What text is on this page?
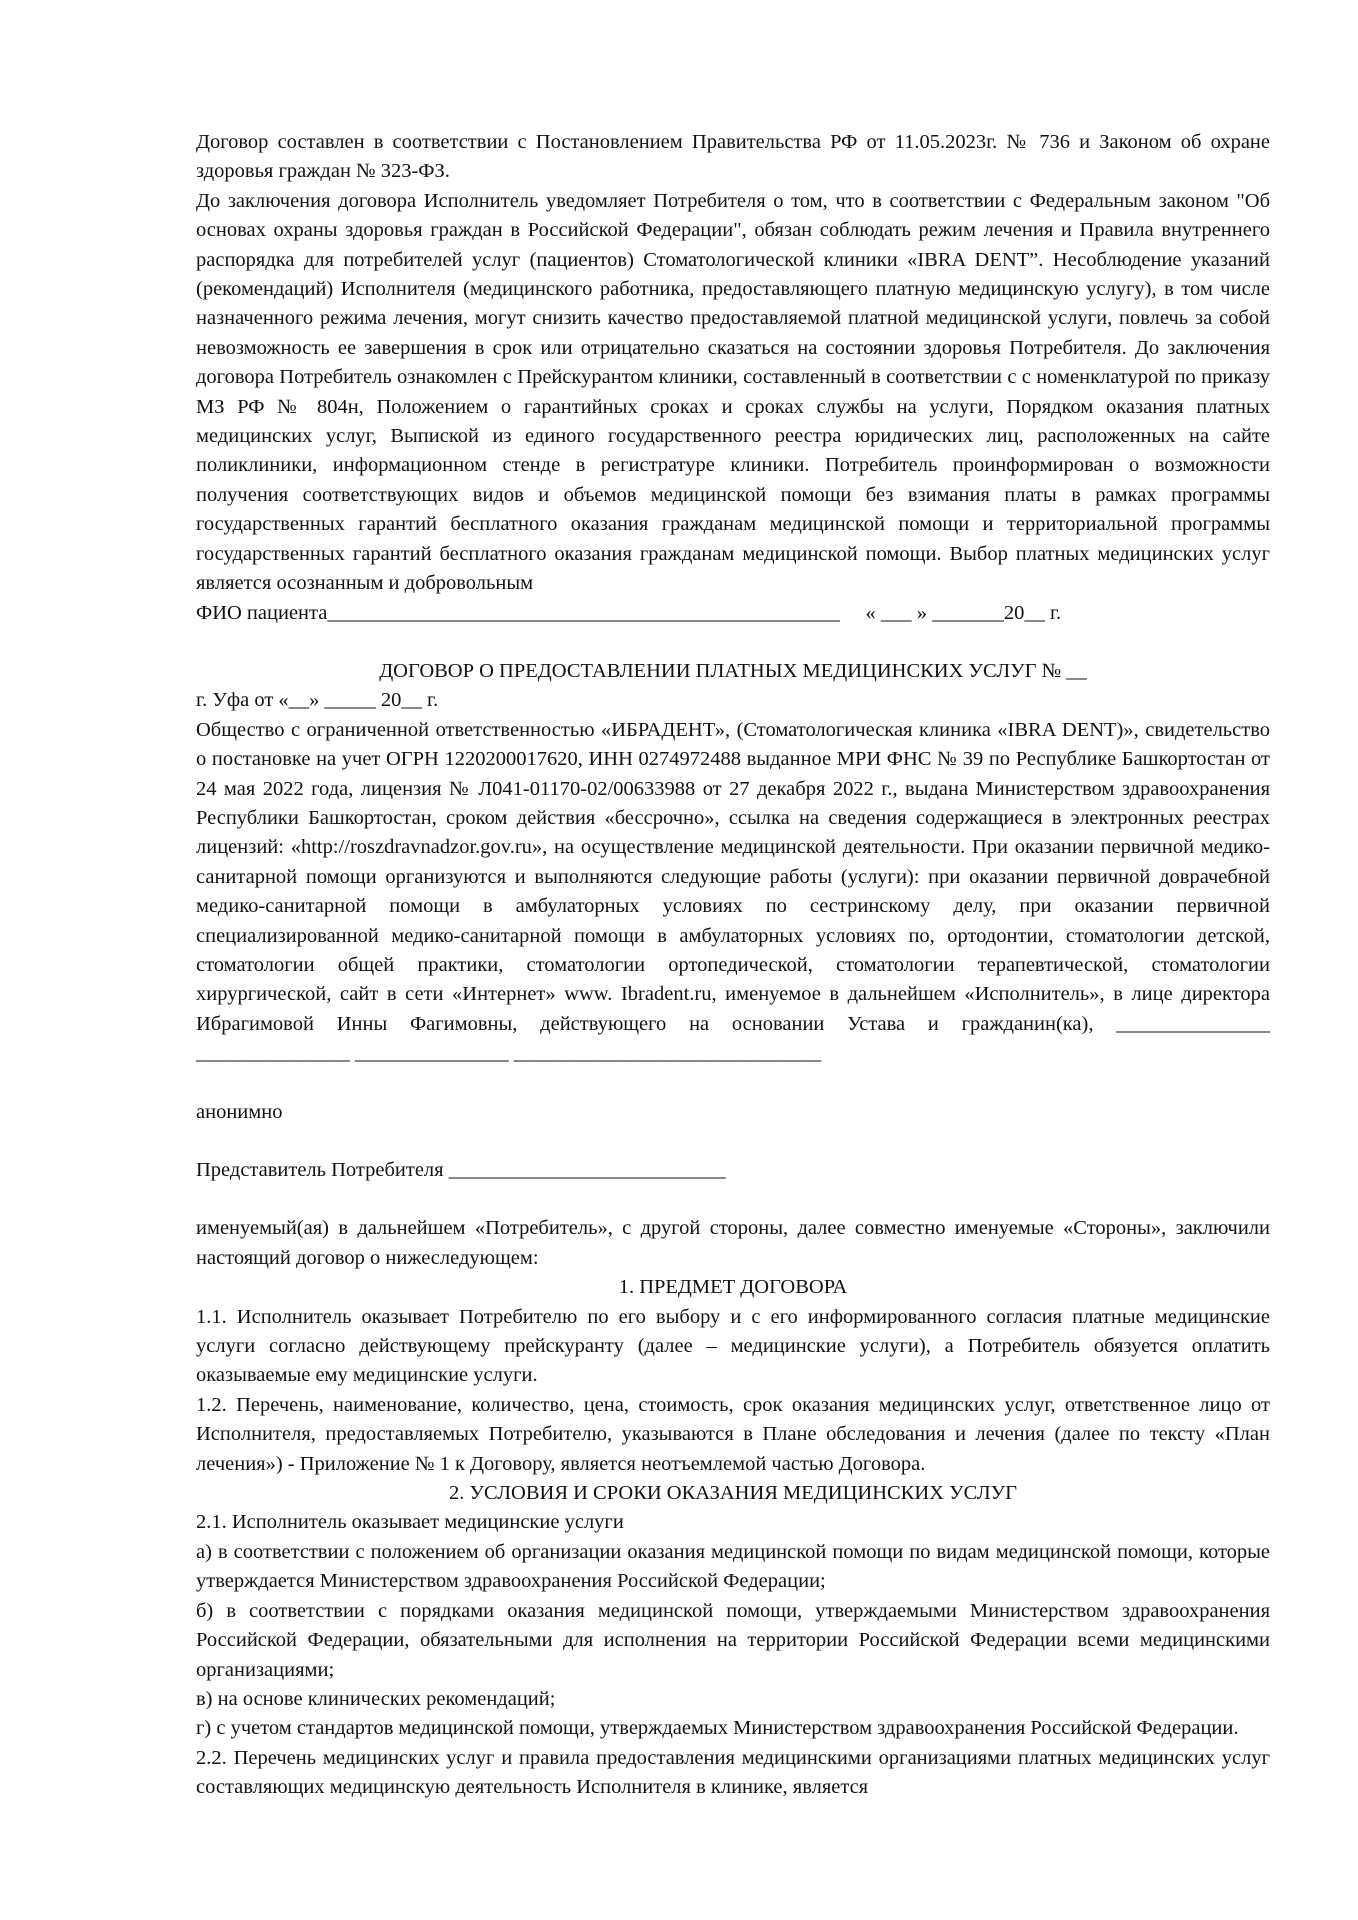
Договор составлен в соответствии с Постановлением Правительства РФ от 11.05.2023г. № 736 и Законом об охране здоровья граждан № 323-ФЗ.

До заключения договора Исполнитель уведомляет Потребителя о том, что в соответствии с Федеральным законом "Об основах охраны здоровья граждан в Российской Федерации", обязан соблюдать режим лечения и Правила внутреннего распорядка для потребителей услуг (пациентов) Стоматологической клиники «IBRA DENT”. Несоблюдение указаний (рекомендаций) Исполнителя (медицинского работника, предоставляющего платную медицинскую услугу), в том числе назначенного режима лечения, могут снизить качество предоставляемой платной медицинской услуги, повлечь за собой невозможность ее завершения в срок или отрицательно сказаться на состоянии здоровья Потребителя. До заключения договора Потребитель ознакомлен с Прейскурантом клиники, составленный в соответствии с с номенклатурой по приказу МЗ РФ № 804н, Положением о гарантийных сроках и сроках службы на услуги, Порядком оказания платных медицинских услуг, Выпиской из единого государственного реестра юридических лиц, расположенных на сайте поликлиники, информационном стенде в регистратуре клиники. Потребитель проинформирован о возможности получения соответствующих видов и объемов медицинской помощи без взимания платы в рамках программы государственных гарантий бесплатного оказания гражданам медицинской помощи и территориальной программы государственных гарантий бесплатного оказания гражданам медицинской помощи. Выбор платных медицинских услуг является осознанным и добровольным

ФИО пациента__________________________________________________     « ___ » _______20__ г.

ДОГОВОР О ПРЕДОСТАВЛЕНИИ ПЛАТНЫХ МЕДИЦИНСКИХ УСЛУГ № __

г. Уфа от «__» _____ 20__ г.

Общество с ограниченной ответственностью «ИБРАДЕНТ», (Стоматологическая клиника «IBRA DENT)», свидетельство о постановке на учет ОГРН 1220200017620, ИНН 0274972488 выданное МРИ ФНС № 39 по Республике Башкортостан от 24 мая 2022 года, лицензия № Л041-01170-02/00633988 от 27 декабря 2022 г., выдана Министерством здравоохранения Республики Башкортостан, сроком действия «бессрочно», ссылка на сведения содержащиеся в электронных реестрах лицензий: «http://roszdravnadzor.gov.ru», на осуществление медицинской деятельности. При оказании первичной медико-санитарной помощи организуются и выполняются следующие работы (услуги): при оказании первичной доврачебной медико-санитарной помощи в амбулаторных условиях по сестринскому делу, при оказании первичной специализированной медико-санитарной помощи в амбулаторных условиях по, ортодонтии, стоматологии детской, стоматологии общей практики, стоматологии ортопедической, стоматологии терапевтической, стоматологии хирургической, сайт в сети «Интернет» www. Ibradent.ru, именуемое в дальнейшем «Исполнитель», в лице директора Ибрагимовой Инны Фагимовны, действующего на основании Устава и гражданин(ка), _______________ _______________ _______________ ______________________________

анонимно

Представитель Потребителя ___________________________

именуемый(ая) в дальнейшем «Потребитель», с другой стороны, далее совместно именуемые «Стороны», заключили настоящий договор о нижеследующем:

1. ПРЕДМЕТ ДОГОВОРА

1.1. Исполнитель оказывает Потребителю по его выбору и с его информированного согласия платные медицинские услуги согласно действующему прейскуранту (далее – медицинские услуги), а Потребитель обязуется оплатить оказываемые ему медицинские услуги.

1.2. Перечень, наименование, количество, цена, стоимость, срок оказания медицинских услуг, ответственное лицо от Исполнителя, предоставляемых Потребителю, указываются в Плане обследования и лечения (далее по тексту «План лечения») - Приложение № 1 к Договору, является неотъемлемой частью Договора.

2. УСЛОВИЯ И СРОКИ ОКАЗАНИЯ МЕДИЦИНСКИХ УСЛУГ

2.1. Исполнитель оказывает медицинские услуги

а) в соответствии с положением об организации оказания медицинской помощи по видам медицинской помощи, которые утверждается Министерством здравоохранения Российской Федерации;

б) в соответствии с порядками оказания медицинской помощи, утверждаемыми Министерством здравоохранения Российской Федерации, обязательными для исполнения на территории Российской Федерации всеми медицинскими организациями;

в) на основе клинических рекомендаций;

г) с учетом стандартов медицинской помощи, утверждаемых Министерством здравоохранения Российской Федерации.

2.2. Перечень медицинских услуг и правила предоставления медицинскими организациями платных медицинских услуг составляющих медицинскую деятельность Исполнителя в клинике, является
